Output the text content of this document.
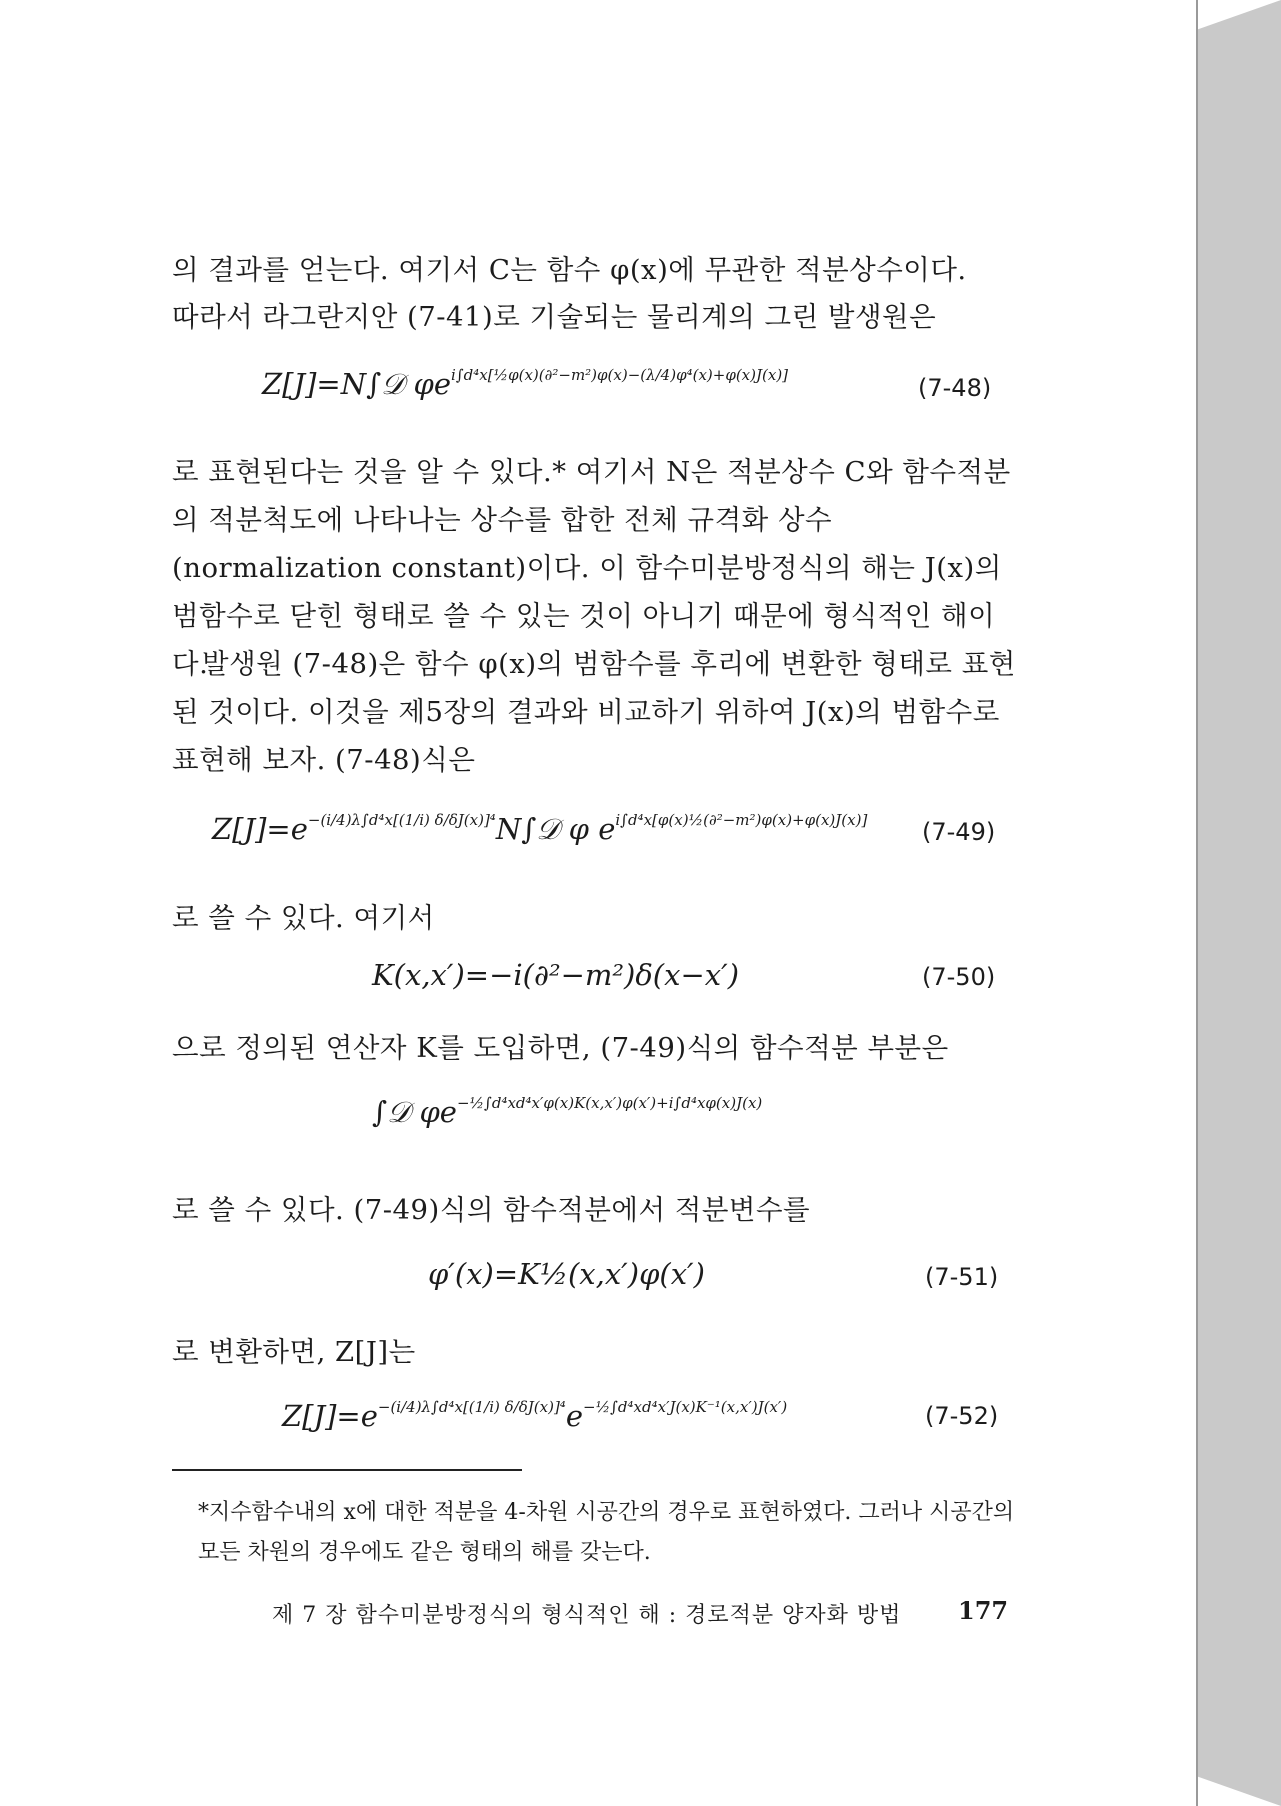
의 결과를 얻는다. 여기서 C는 함수 φ(x)에 무관한 적분상수이다.

따라서 라그란지안 (7-41)로 기술되는 물리계의 그린 발생원은

Z[J]=N∫𝒟 $\varphi e^{i\int d^4x[\frac{1}{2}\varphi(x)(\partial^2-m^2)\varphi(x)-(\lambda/4)\varphi^4(x)+\varphi(x)J(x)]}$	(7-48)

로 표현된다는 것을 알 수 있다.* 여기서 N은 적분상수 C와 함수적분의 적분척도에 나타나는 상수를 합한 전체 규격화 상수(normalization constant)이다. 이 함수미분방정식의 해는 J(x)의 범함수로 닫힌 형태로 쓸 수 있는 것이 아니기 때문에 형식적인 해이다.

발생원 (7-48)은 함수 φ(x)의 범함수를 후리에 변환한 형태로 표현된 것이다. 이것을 제5장의 결과와 비교하기 위하여 J(x)의 범함수로 표현해 보자. (7-48)식은

$Z[J]=e^{-(i/4)\lambda\int d^4x[(1/i) \delta/\delta J(x)]^4}N\int 𝒟$ φ $e^{i\int d^4x[\varphi(x)\frac{1}{2}(\partial^2-m^2)\varphi(x)+\varphi(x)J(x)]}$ (7-49)

로 쓸 수 있다. 여기서

K(x,x′)=−i(∂²−m²)δ(x−x′)	(7-50)

으로 정의된 연산자 K를 도입하면, (7-49)식의 함수적분 부분은

∫𝒟 $\varphi e^{-\frac{1}{2}\int d^4xd^4x'\varphi(x)K(x,x')\varphi(x')+i\int d^4x\varphi(x)J(x)}$

로 쓸 수 있다. (7-49)식의 함수적분에서 적분변수를

φ′(x)=K½(x,x′)φ(x′)	(7-51)

로 변환하면, Z[J]는

$Z[J]=e^{-(i/4)\lambda\int d^4x[(1/i) \delta/\delta J(x)]^4}e^{-\frac{1}{2}\int d^4xd^4x'J(x)K^{-1}(x,x')J(x')}$	(7-52)

*지수함수내의 x에 대한 적분을 4-차원 시공간의 경우로 표현하였다. 그러나 시공간의 모든 차원의 경우에도 같은 형태의 해를 갖는다.

제 7 장 함수미분방정식의 형식적인 해 : 경로적분 양자화 방법 177
